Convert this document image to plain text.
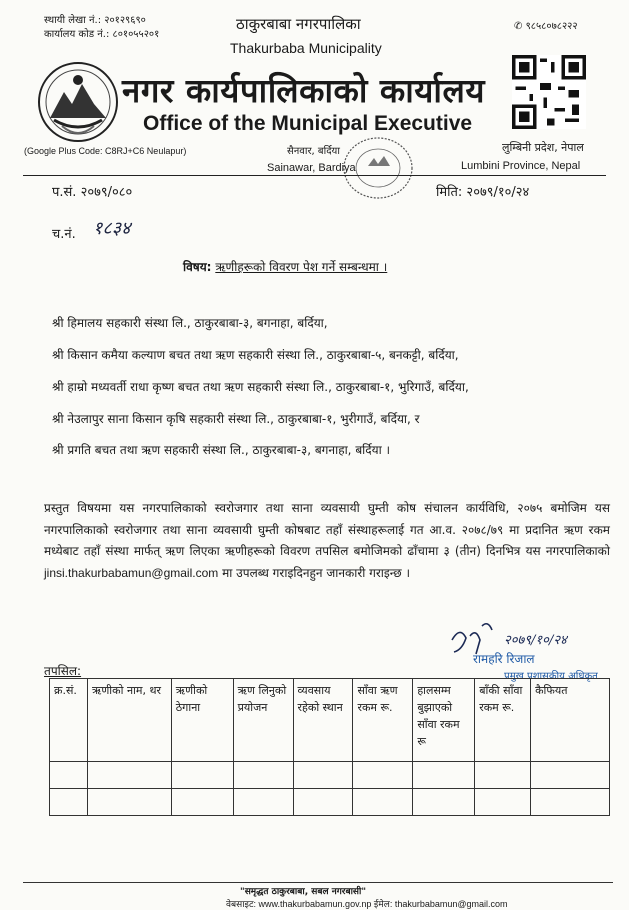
स्थायी लेखा नं.: २०१२९६९०
कार्यालय कोड नं.: ८०१०५५२०१
✆ ९८५८०७८२२२
ठाकुरबाबा नगरपालिका
Thakurbaba Municipality
नगर कार्यपालिकाको कार्यालय
Office of the Municipal Executive
(Google Plus Code: C8RJ+C6 Neulapur)	सैनवार, बर्दिया
Sainawar, Bardiya
लुम्बिनी प्रदेश, नेपाल
Lumbini Province, Nepal
प.सं. २०७९/०८०	मिति: २०७९/१०/२४
च.नं. १८३४
विषय: ऋणीहरूको विवरण पेश गर्ने सम्बन्धमा ।
श्री हिमालय सहकारी संस्था लि., ठाकुरबाबा-३, बगनाहा, बर्दिया,
श्री किसान कमैया कल्याण बचत तथा ऋण सहकारी संस्था लि., ठाकुरबाबा-५, बनकट्टी, बर्दिया,
श्री हाम्रो मध्यवर्ती राधा कृष्ण बचत तथा ऋण सहकारी संस्था लि., ठाकुरबाबा-१, भुरिगाउँ, बर्दिया,
श्री नेउलापुर साना किसान कृषि सहकारी संस्था लि., ठाकुरबाबा-१, भुरीगाउँ, बर्दिया, र
श्री प्रगति बचत तथा ऋण सहकारी संस्था लि., ठाकुरबाबा-३, बगनाहा, बर्दिया ।
प्रस्तुत विषयमा यस नगरपालिकाको स्वरोजगार तथा साना व्यवसायी घुम्ती कोष संचालन कार्यविधि, २०७५ बमोजिम यस नगरपालिकाको स्वरोजगार तथा साना व्यवसायी घुम्ती कोषबाट तहाँ संस्थाहरूलाई गत आ.व. २०७८/७९ मा प्रदानित ऋण रकम मध्येबाट तहाँ संस्था मार्फत् ऋण लिएका ऋणीहरूको विवरण तपसिल बमोजिमको ढाँचामा ३ (तीन) दिनभित्र यस नगरपालिकाको jinsi.thakurbabamun@gmail.com मा उपलब्ध गराइदिनहुन जानकारी गराइन्छ ।
२०७९/१०/२४
रामहरि रिजाल
प्रमुख प्रशासकीय अधिकृत
तपसिल:
क्र.सं.	ऋणीको नाम, थर	ऋणीको ठेगाना	ऋण लिनुको प्रयोजन	व्यवसाय रहेको स्थान	साँवा ऋण रकम रू.	हालसम्म बुझाएको साँवा रकम रू	बाँकी साँवा रकम रू.	कैफियत

"समृद्धत ठाकुरबाबा, सबल नगरबासी"
वेबसाइट: www.thakurbabamun.gov.np ईमेल: thakurbabamun@gmail.com
